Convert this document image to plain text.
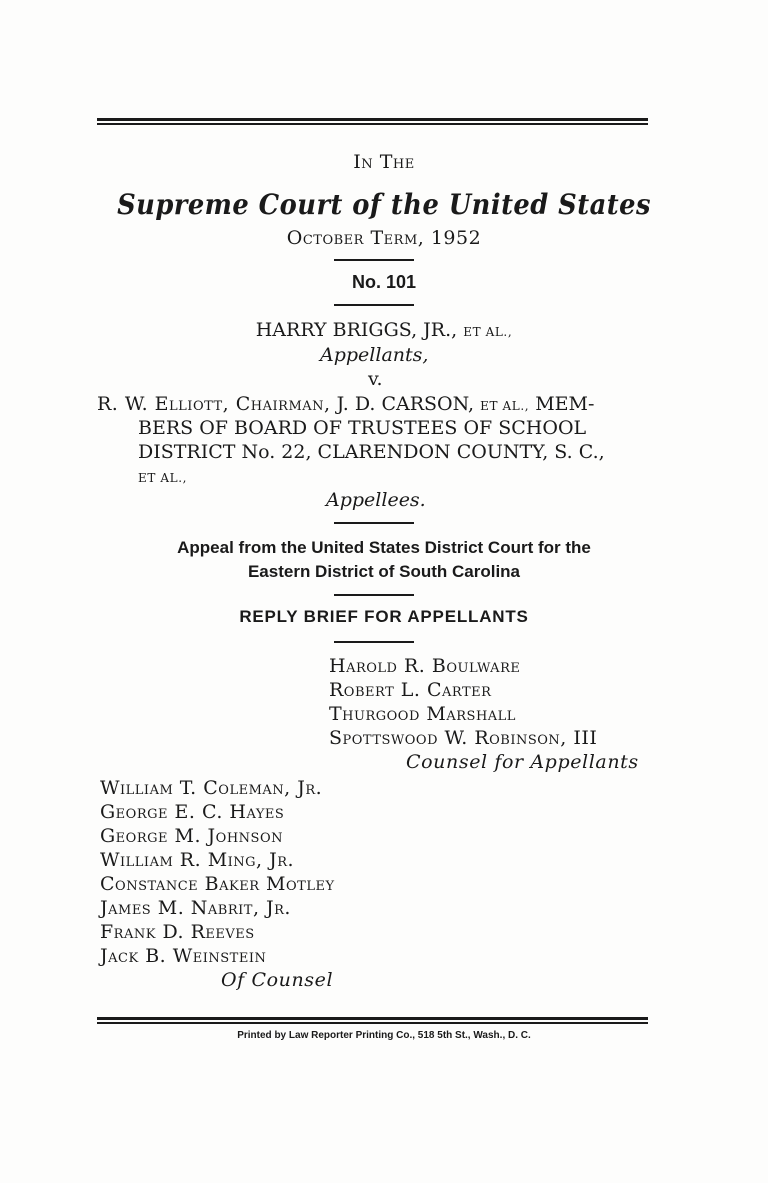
In The
Supreme Court of the United States
October Term, 1952
No. 101
HARRY BRIGGS, JR., ET AL.,
Appellants,
v.
R. W. Elliott, Chairman, J. D. CARSON, ET AL., MEM-
BERS OF BOARD OF TRUSTEES OF SCHOOL
DISTRICT No. 22, CLARENDON COUNTY, S. C.,
ET AL.,
Appellees.
Appeal from the United States District Court for the
Eastern District of South Carolina
REPLY BRIEF FOR APPELLANTS
Harold R. Boulware
Robert L. Carter
Thurgood Marshall
Spottswood W. Robinson, III
Counsel for Appellants
William T. Coleman, Jr.
George E. C. Hayes
George M. Johnson
William R. Ming, Jr.
Constance Baker Motley
James M. Nabrit, Jr.
Frank D. Reeves
Jack B. Weinstein
Of Counsel
Printed by Law Reporter Printing Co., 518 5th St., Wash., D. C.
